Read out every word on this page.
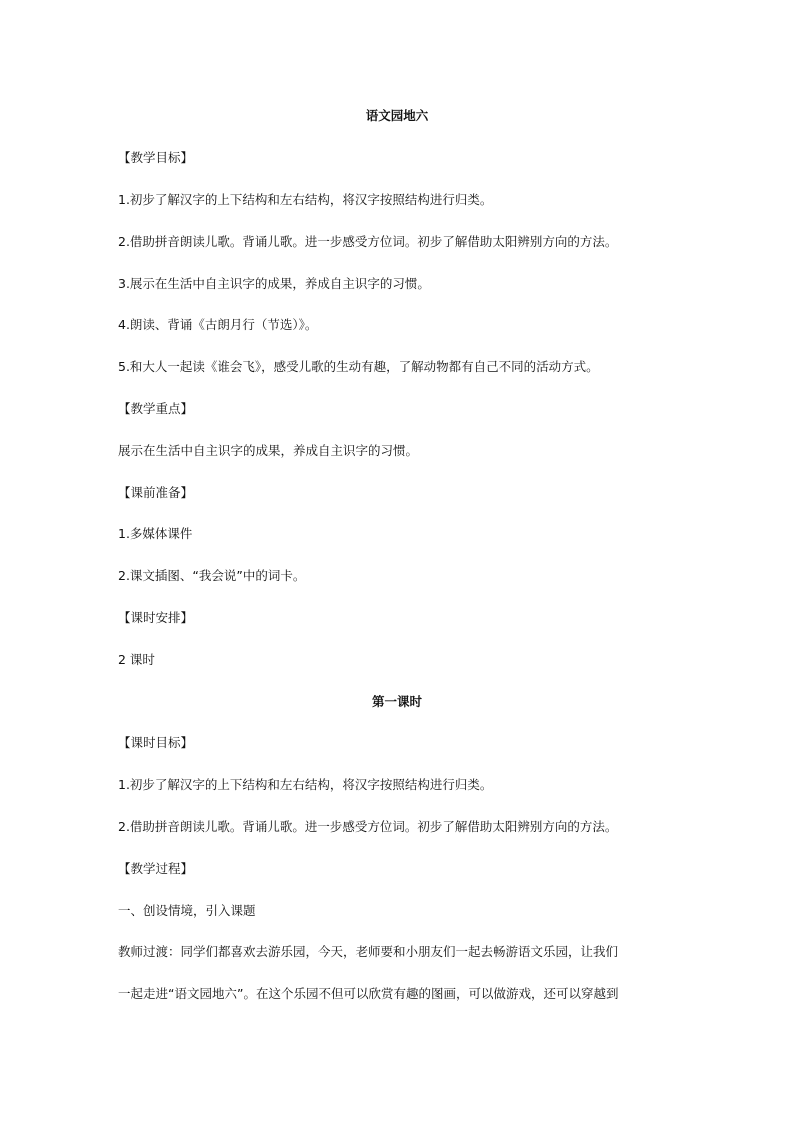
语文园地六
【教学目标】
1.初步了解汉字的上下结构和左右结构，将汉字按照结构进行归类。
2.借助拼音朗读儿歌。背诵儿歌。进一步感受方位词。初步了解借助太阳辨别方向的方法。
3.展示在生活中自主识字的成果，养成自主识字的习惯。
4.朗读、背诵《古朗月行（节选）》。
5.和大人一起读《谁会飞》，感受儿歌的生动有趣，了解动物都有自己不同的活动方式。
【教学重点】
展示在生活中自主识字的成果，养成自主识字的习惯。
【课前准备】
1.多媒体课件
2.课文插图、“我会说”中的词卡。
【课时安排】
2 课时
第一课时
【课时目标】
1.初步了解汉字的上下结构和左右结构，将汉字按照结构进行归类。
2.借助拼音朗读儿歌。背诵儿歌。进一步感受方位词。初步了解借助太阳辨别方向的方法。
【教学过程】
一、创设情境，引入课题
教师过渡：同学们都喜欢去游乐园，今天，老师要和小朋友们一起去畅游语文乐园，让我们
一起走进“语文园地六”。在这个乐园不但可以欣赏有趣的图画，可以做游戏，还可以穿越到
